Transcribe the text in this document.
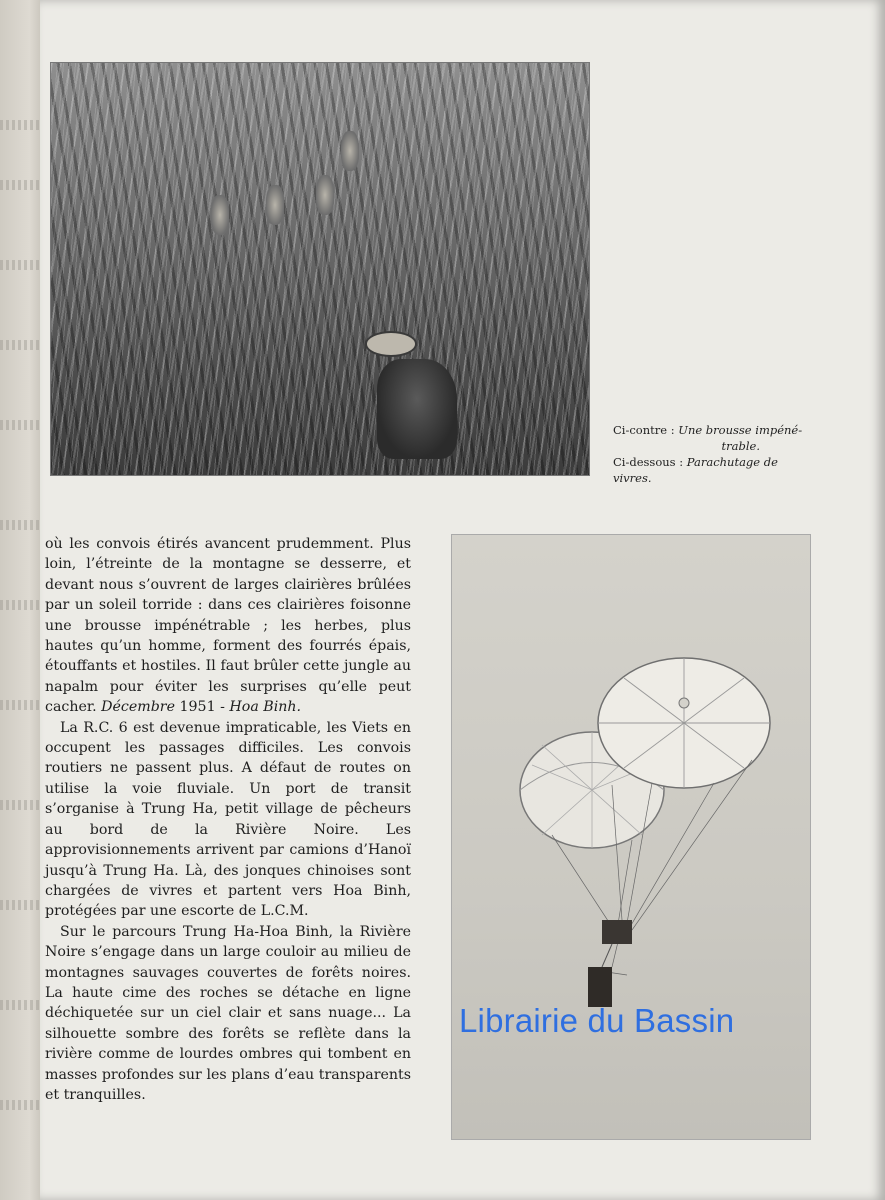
Ci-contre : Une brousse impéné-
trable.
Ci-dessous : Parachutage de vivres.

où les convois étirés avancent prudemment. Plus loin, l’étreinte de la montagne se desserre, et devant nous s’ouvrent de larges clairières brûlées par un soleil torride : dans ces clairières foisonne une brousse impénétrable ; les herbes, plus hautes qu’un homme, forment des fourrés épais, étouffants et hostiles. Il faut brûler cette jungle au napalm pour éviter les surprises qu’elle peut cacher. Décembre 1951 - Hoa Binh.

La R.C. 6 est devenue impraticable, les Viets en occupent les passages difficiles. Les convois routiers ne passent plus. A défaut de routes on utilise la voie fluviale. Un port de transit s’organise à Trung Ha, petit village de pêcheurs au bord de la Rivière Noire. Les approvisionnements arrivent par camions d’Hanoï jusqu’à Trung Ha. Là, des jonques chinoises sont chargées de vivres et partent vers Hoa Binh, protégées par une escorte de L.C.M.

Sur le parcours Trung Ha-Hoa Binh, la Rivière Noire s’engage dans un large couloir au milieu de montagnes sauvages couvertes de forêts noires. La haute cime des roches se détache en ligne déchiquetée sur un ciel clair et sans nuage... La silhouette sombre des forêts se reflète dans la rivière comme de lourdes ombres qui tombent en masses profondes sur les plans d’eau transparents et tranquilles.

Librairie du Bassin
